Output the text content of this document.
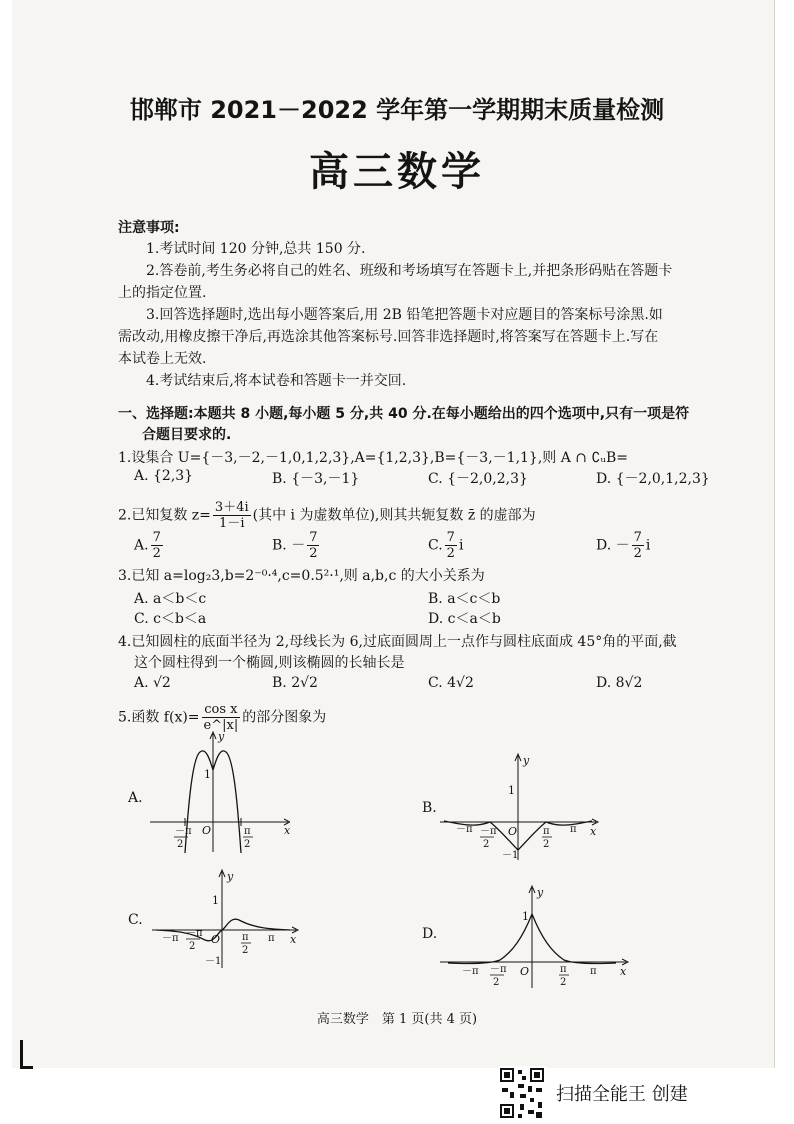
邯郸市 2021－2022 学年第一学期期末质量检测
高三数学
注意事项:
1.考试时间 120 分钟,总共 150 分.
2.答卷前,考生务必将自己的姓名、班级和考场填写在答题卡上,并把条形码贴在答题卡
上的指定位置.
3.回答选择题时,选出每小题答案后,用 2B 铅笔把答题卡对应题目的答案标号涂黑.如
需改动,用橡皮擦干净后,再选涂其他答案标号.回答非选择题时,将答案写在答题卡上.写在
本试卷上无效.
4.考试结束后,将本试卷和答题卡一并交回.
一、选择题:本题共 8 小题,每小题 5 分,共 40 分.在每小题给出的四个选项中,只有一项是符
合题目要求的.
1.设集合 U={－3,－2,－1,0,1,2,3},A={1,2,3},B={－3,－1,1},则 A ∩ ∁ᵤB=
A. {2,3}	B. {－3,－1}	C. {－2,0,2,3}	D. {－2,0,1,2,3}
2.已知复数 $z= \frac{3+4i}{1-i}$ (其中 i 为虚数单位),则其共轭复数 z̄ 的虚部为
A. $\frac{7}{2}$	B. － $\frac{7}{2}$	C. $\frac{7}{2}$ i	D. － $\frac{7}{2}$ i
3.已知 a=log₂3,b=2⁻⁰·⁴,c=0.5²·¹,则 a,b,c 的大小关系为
A. a＜b＜c	B. a＜c＜b
C. c＜b＜a	D. c＜a＜b
4.已知圆柱的底面半径为 2,母线长为 6,过底面圆周上一点作与圆柱底面成 45°角的平面,截
这个圆柱得到一个椭圆,则该椭圆的长轴长是
A. √2	B. 2√2	C. 4√2	D. 8√2
5.函数 $f(x)= \frac{\text{cos x}}{e\^{}|x|}$ 的部分图象为
A.
B.
C.
D.
y
x
O
1
－π
2
π
2
y
x
O
1
－1
－π	π
－π
2
π
2
y
x
O
1
－1
－π	π
－π
2
π
2
y
x
O
1
－π	π
－π
2
π
2
高三数学　第 1 页(共 4 页)
扫描全能王 创建
